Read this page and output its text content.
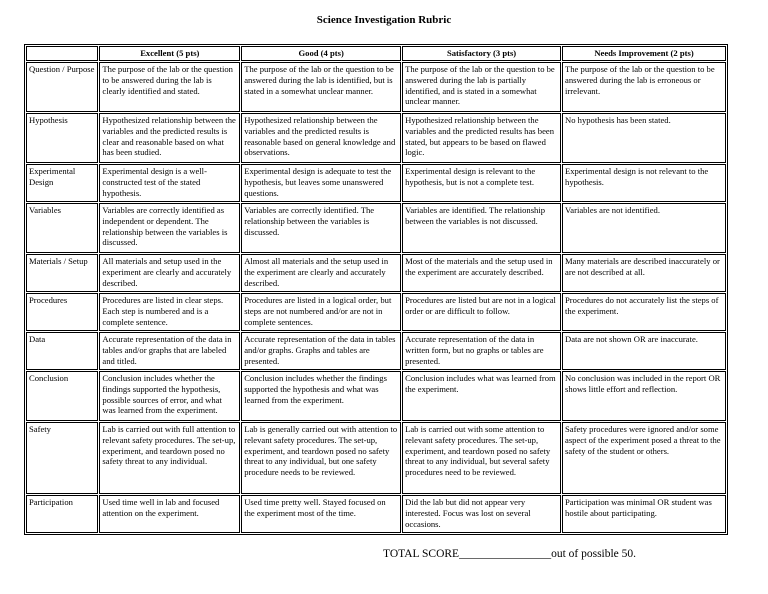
Science Investigation Rubric
	Excellent (5 pts)	Good (4 pts)	Satisfactory (3 pts)	Needs Improvement (2 pts)
Question / Purpose	The purpose of the lab or the question to be answered during the lab is clearly identified and stated.	The purpose of the lab or the question to be answered during the lab is identified, but is stated in a somewhat unclear manner.	The purpose of the lab or the question to be answered during the lab is partially identified, and is stated in a somewhat unclear manner.	The purpose of the lab or the question to be answered during the lab is erroneous or irrelevant.
Hypothesis	Hypothesized relationship between the variables and the predicted results is clear and reasonable based on what has been studied.	Hypothesized relationship between the variables and the predicted results is reasonable based on general knowledge and observations.	Hypothesized relationship between the variables and the predicted results has been stated, but appears to be based on flawed logic.	No hypothesis has been stated.
Experimental Design	Experimental design is a well-constructed test of the stated hypothesis.	Experimental design is adequate to test the hypothesis, but leaves some unanswered questions.	Experimental design is relevant to the hypothesis, but is not a complete test.	Experimental design is not relevant to the hypothesis.
Variables	Variables are correctly identified as independent or dependent. The relationship between the variables is discussed.	Variables are correctly identified. The relationship between the variables is discussed.	Variables are identified. The relationship between the variables is not discussed.	Variables are not identified.
Materials / Setup	All materials and setup used in the experiment are clearly and accurately described.	Almost all materials and the setup used in the experiment are clearly and accurately described.	Most of the materials and the setup used in the experiment are accurately described.	Many materials are described inaccurately or are not described at all.
Procedures	Procedures are listed in clear steps. Each step is numbered and is a complete sentence.	Procedures are listed in a logical order, but steps are not numbered and/or are not in complete sentences.	Procedures are listed but are not in a logical order or are difficult to follow.	Procedures do not accurately list the steps of the experiment.
Data	Accurate representation of the data in tables and/or graphs that are labeled and titled.	Accurate representation of the data in tables and/or graphs. Graphs and tables are presented.	Accurate representation of the data in written form, but no graphs or tables are presented.	Data are not shown OR are inaccurate.
Conclusion	Conclusion includes whether the findings supported the hypothesis, possible sources of error, and what was learned from the experiment.	Conclusion includes whether the findings supported the hypothesis and what was learned from the experiment.	Conclusion includes what was learned from the experiment.	No conclusion was included in the report OR shows little effort and reflection.
Safety	Lab is carried out with full attention to relevant safety procedures. The set-up, experiment, and teardown posed no safety threat to any individual.	Lab is generally carried out with attention to relevant safety procedures. The set-up, experiment, and teardown posed no safety threat to any individual, but one safety procedure needs to be reviewed.	Lab is carried out with some attention to relevant safety procedures. The set-up, experiment, and teardown posed no safety threat to any individual, but several safety procedures need to be reviewed.	Safety procedures were ignored and/or some aspect of the experiment posed a threat to the safety of the student or others.
Participation	Used time well in lab and focused attention on the experiment.	Used time pretty well. Stayed focused on the experiment most of the time.	Did the lab but did not appear very interested. Focus was lost on several occasions.	Participation was minimal OR student was hostile about participating.
TOTAL SCORE________________out of possible 50.
